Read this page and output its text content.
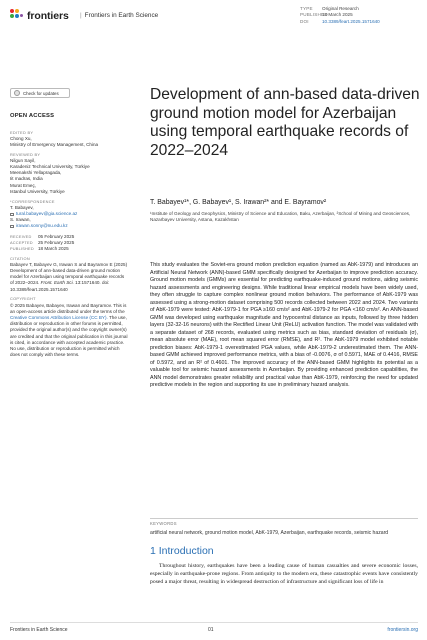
frontiers | Frontiers in Earth Science
TYPE Original Research
PUBLISHED18 March 2025
DOI	10.3389/feart.2025.1571640
Check for updates
OPEN ACCESS
EDITED BY
Chong Xu,
Ministry of Emergency Management, China
REVIEWED BY
Nilgun Sayil,
Karadeniz Technical University, Türkiye
Meenakshi Yellapragada,
Iit madras, India
Murat Emeç,
Istanbul University, Türkiye
*CORRESPONDENCE
T. Babayev,
tural.babayev@gia.science.az
S. Irawan,
irawan.sonny@nu.edu.kz
RECEIVED 05 February 2025
ACCEPTED 25 February 2025
PUBLISHED 18 March 2025
CITATION
Babayev T, Babayev G, Irawan S and Bayramov E (2025) Development of ann-based data-driven ground motion model for Azerbaijan using temporal earthquake records of 2022–2024. Front. Earth Sci. 13:1571640. doi: 10.3389/feart.2025.1571640
COPYRIGHT
© 2025 Babayev, Babayev, Irawan and Bayramov. This is an open-access article distributed under the terms of the Creative Commons Attribution License (CC BY). The use, distribution or reproduction in other forums is permitted, provided the original author(s) and the copyright owner(s) are credited and that the original publication in this journal is cited, in accordance with accepted academic practice. No use, distribution or reproduction is permitted which does not comply with these terms.
Development of ann-based data-driven ground motion model for Azerbaijan using temporal earthquake records of 2022–2024
T. Babayev¹*, G. Babayev¹, S. Irawan²* and E. Bayramov²
¹Institute of Geology and Geophysics, Ministry of Science and Education, Baku, Azerbaijan, ²School of Mining and Geosciences, Nazarbayev University, Astana, Kazakhstan
This study evaluates the Soviet-era ground motion prediction equation (named as AbK-1979) and introduces an Artificial Neural Network (ANN)-based GMM specifically designed for Azerbaijan to improve prediction accuracy. Ground motion models (GMMs) are essential for predicting earthquake-induced ground motions, aiding seismic hazard assessments and engineering designs. While traditional linear empirical models have been widely used, they often struggle to capture complex nonlinear ground motion behaviors. The performance of AbK-1979 was assessed using a strong-motion dataset comprising 500 records collected between 2022 and 2024. Two variants of AbK-1979 were tested: AbK-1979-1 for PGA ≥160 cm/s² and AbK-1979-2 for PGA <160 cm/s². An ANN-based GMM was developed using earthquake magnitude and hypocentral distance as inputs, followed by three hidden layers (32-32-16 neurons) with the Rectified Linear Unit (ReLU) activation function. The model was validated with a separate dataset of 268 records, evaluated using metrics such as bias, standard deviation of residuals (σ), mean absolute error (MAE), root mean squared error (RMSE), and R². The AbK-1979 model exhibited notable prediction biases: AbK-1979-1 overestimated PGA values, while AbK-1979-2 underestimated them. The ANN-based GMM achieved improved performance metrics, with a bias of -0.0076, σ of 0.5971, MAE of 0.4416, RMSE of 0.5972, and an R² of 0.4601. The improved accuracy of the ANN-based GMM highlights its potential as a valuable tool for seismic hazard assessments in Azerbaijan. By providing enhanced prediction capabilities, the ANN model demonstrates greater reliability and practical value than AbK-1979, reinforcing the need for updated predictive models in the region and supporting its use in preliminary hazard analysis.
KEYWORDS
artificial neural network, ground motion model, AbK-1979, Azerbaijan, earthquake records, seismic hazard
1 Introduction
Throughout history, earthquakes have been a leading cause of human casualties and severe economic losses, especially in earthquake-prone regions. From antiquity to the modern era, these catastrophic events have consistently posed a major threat, resulting in widespread destruction of infrastructure and significant loss of life in
Frontiers in Earth Science	01	frontiersin.org
